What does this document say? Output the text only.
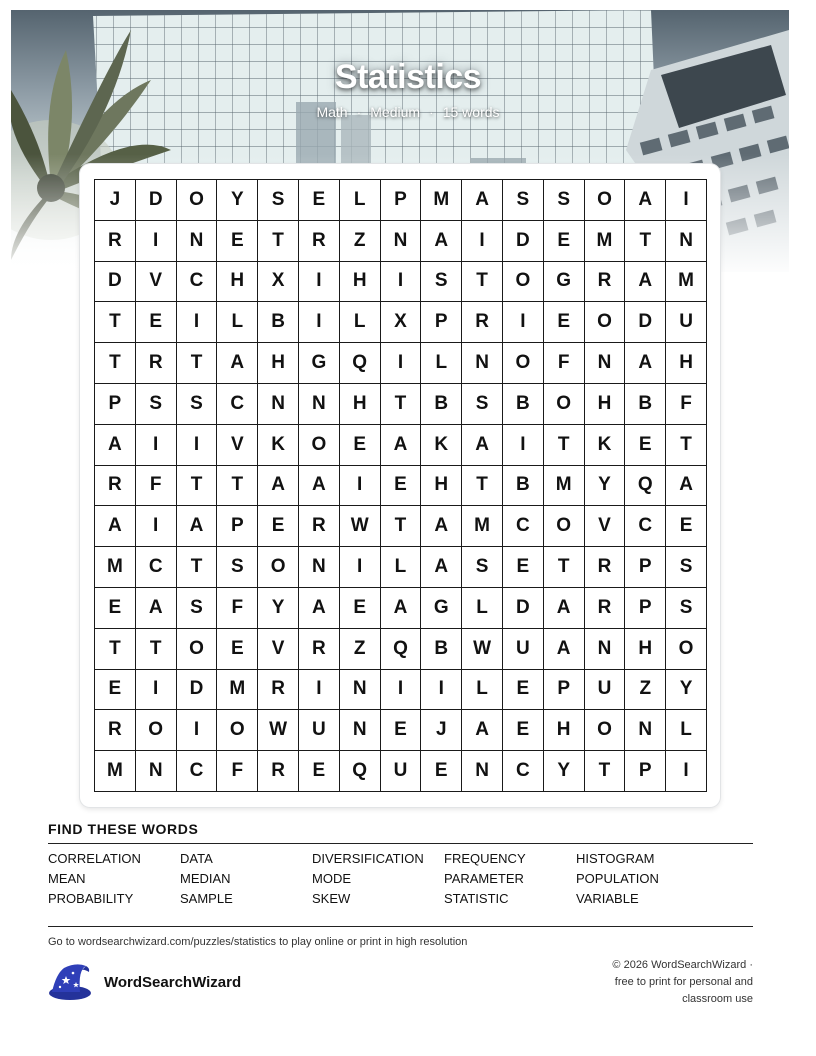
Statistics
Math · Medium · 15 words
J	D	O	Y	S	E	L	P	M	A	S	S	O	A	I
R	I	N	E	T	R	Z	N	A	I	D	E	M	T	N
D	V	C	H	X	I	H	I	S	T	O	G	R	A	M
T	E	I	L	B	I	L	X	P	R	I	E	O	D	U
T	R	T	A	H	G	Q	I	L	N	O	F	N	A	H
P	S	S	C	N	N	H	T	B	S	B	O	H	B	F
A	I	I	V	K	O	E	A	K	A	I	T	K	E	T
R	F	T	T	A	A	I	E	H	T	B	M	Y	Q	A
A	I	A	P	E	R	W	T	A	M	C	O	V	C	E
M	C	T	S	O	N	I	L	A	S	E	T	R	P	S
E	A	S	F	Y	A	E	A	G	L	D	A	R	P	S
T	T	O	E	V	R	Z	Q	B	W	U	A	N	H	O
E	I	D	M	R	I	N	I	I	L	E	P	U	Z	Y
R	O	I	O	W	U	N	E	J	A	E	H	O	N	L
M	N	C	F	R	E	Q	U	E	N	C	Y	T	P	I
FIND THESE WORDS
CORRELATION	DATA	DIVERSIFICATION	FREQUENCY	HISTOGRAM
MEAN	MEDIAN	MODE	PARAMETER	POPULATION
PROBABILITY	SAMPLE	SKEW	STATISTIC	VARIABLE
Go to wordsearchwizard.com/puzzles/statistics to play online or print in high resolution
WordSearchWizard
© 2026 WordSearchWizard ·
free to print for personal and
classroom use
